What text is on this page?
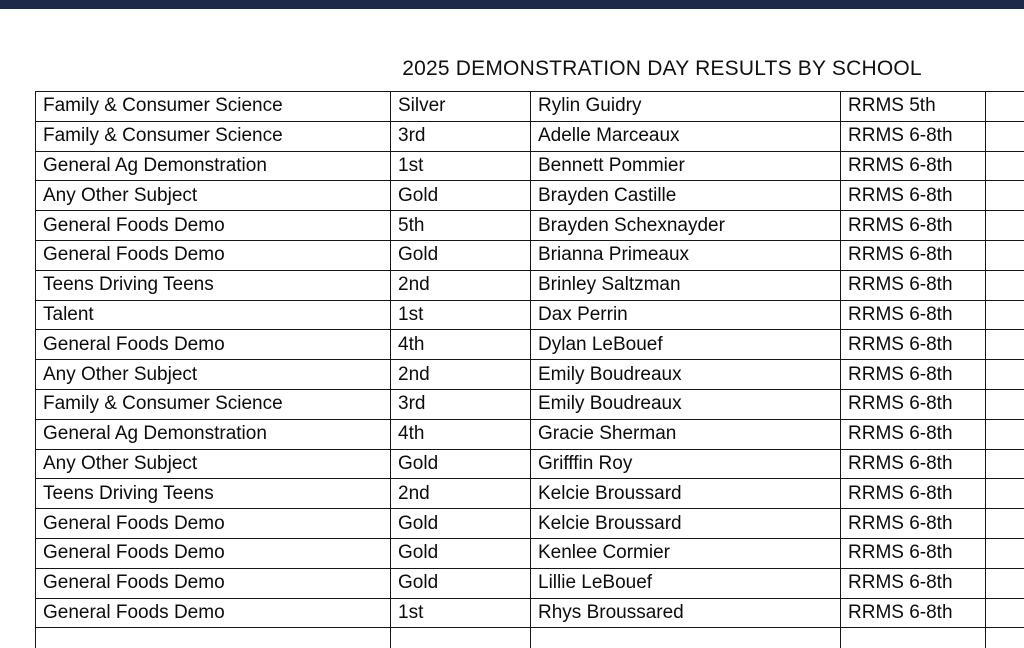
2025 DEMONSTRATION DAY RESULTS BY SCHOOL
Family & Consumer Science	Silver	Rylin Guidry	RRMS 5th	
Family & Consumer Science	3rd	Adelle Marceaux	RRMS 6-8th	
General Ag Demonstration	1st	Bennett Pommier	RRMS 6-8th	
Any Other Subject	Gold	Brayden Castille	RRMS 6-8th	
General Foods Demo	5th	Brayden Schexnayder	RRMS 6-8th	
General Foods Demo	Gold	Brianna Primeaux	RRMS 6-8th	
Teens Driving Teens	2nd	Brinley Saltzman	RRMS 6-8th	
Talent	1st	Dax Perrin	RRMS 6-8th	
General Foods Demo	4th	Dylan LeBouef	RRMS 6-8th	
Any Other Subject	2nd	Emily Boudreaux	RRMS 6-8th	
Family & Consumer Science	3rd	Emily Boudreaux	RRMS 6-8th	
General Ag Demonstration	4th	Gracie Sherman	RRMS 6-8th	
Any Other Subject	Gold	Grifffin Roy	RRMS 6-8th	
Teens Driving Teens	2nd	Kelcie Broussard	RRMS 6-8th	
General Foods Demo	Gold	Kelcie Broussard	RRMS 6-8th	
General Foods Demo	Gold	Kenlee Cormier	RRMS 6-8th	
General Foods Demo	Gold	Lillie LeBouef	RRMS 6-8th	
General Foods Demo	1st	Rhys Broussared	RRMS 6-8th	
